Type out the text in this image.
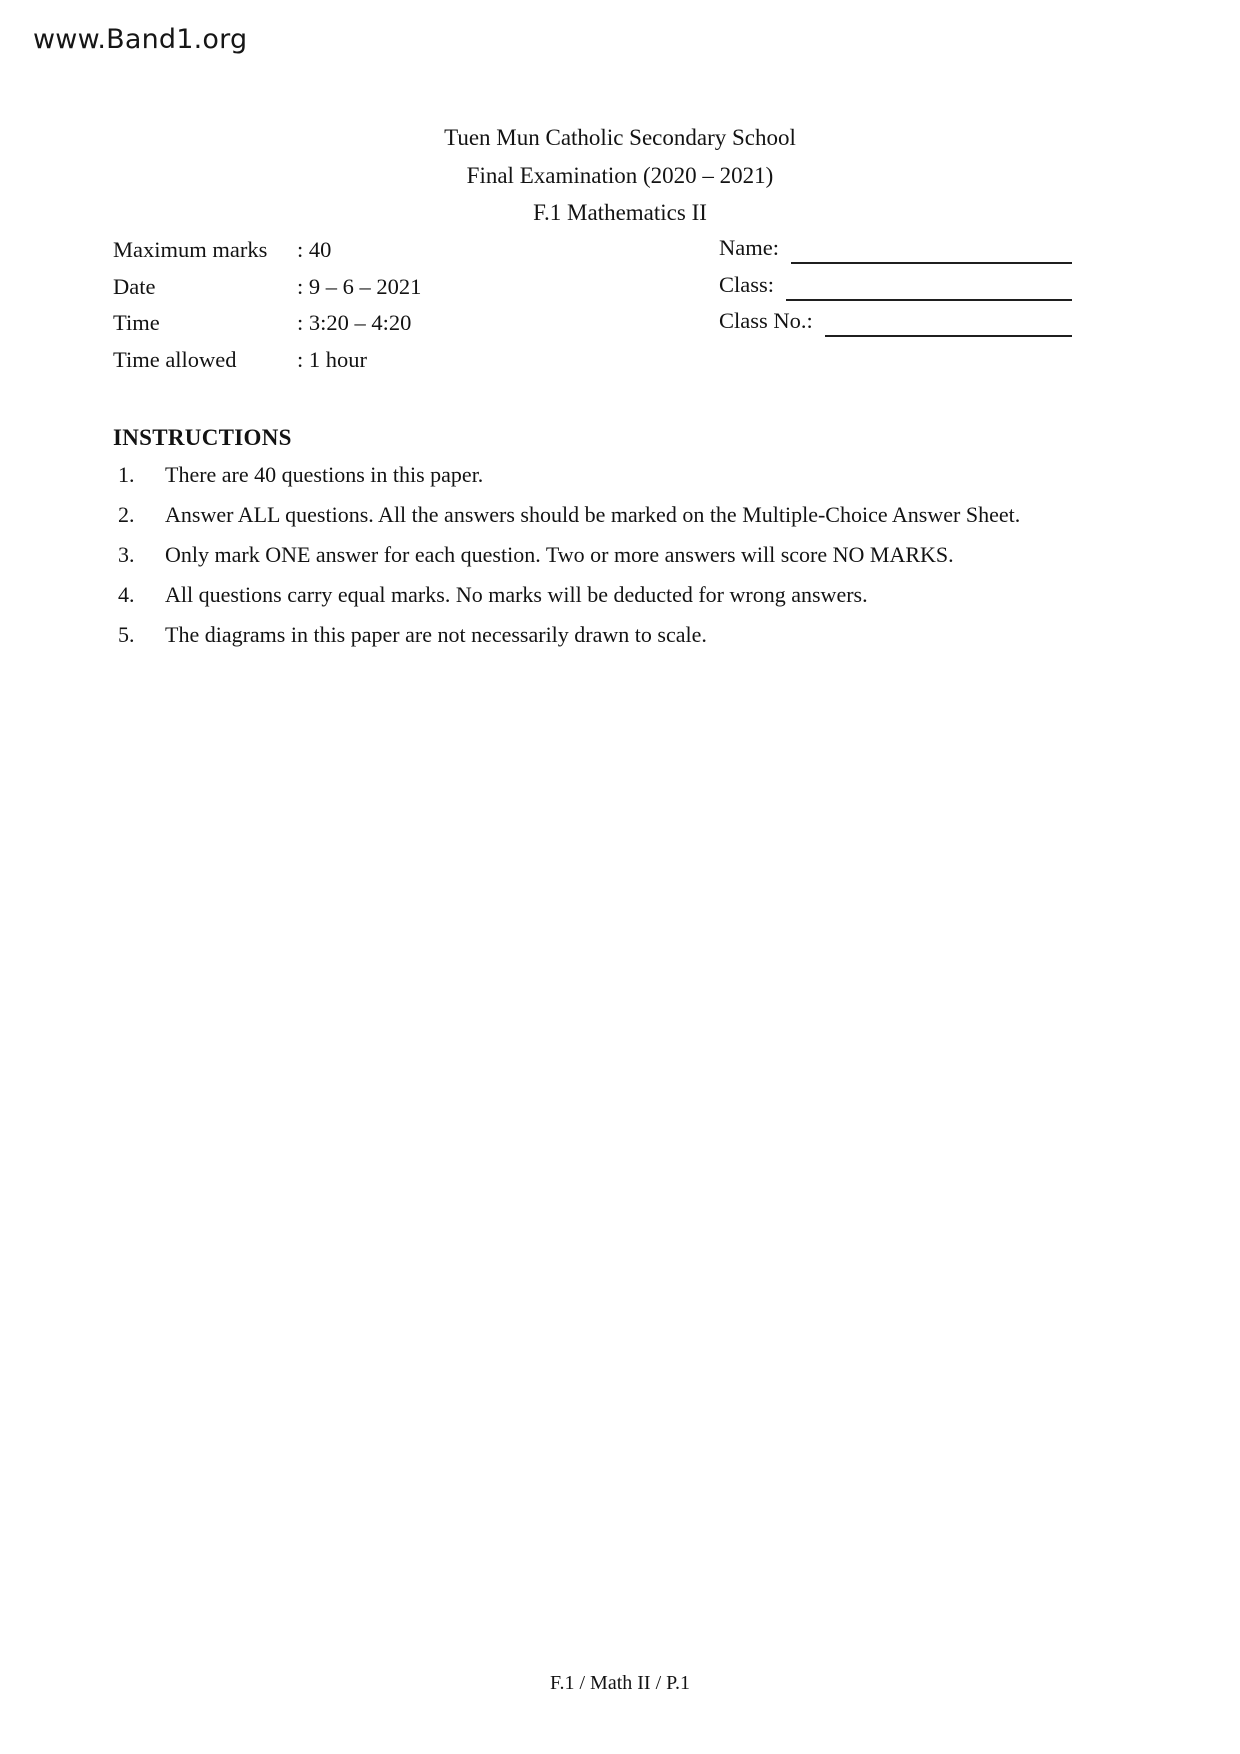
www.Band1.org
Tuen Mun Catholic Secondary School
Final Examination (2020 – 2021)
F.1 Mathematics II
Maximum marks	: 40
Date	: 9 – 6 – 2021
Time	: 3:20 – 4:20
Time allowed	: 1 hour
Name:
Class:
Class No.:
INSTRUCTIONS
1.	There are 40 questions in this paper.
2.	Answer ALL questions. All the answers should be marked on the Multiple-Choice Answer Sheet.
3.	Only mark ONE answer for each question. Two or more answers will score NO MARKS.
4.	All questions carry equal marks. No marks will be deducted for wrong answers.
5.	The diagrams in this paper are not necessarily drawn to scale.
F.1 / Math II / P.1
